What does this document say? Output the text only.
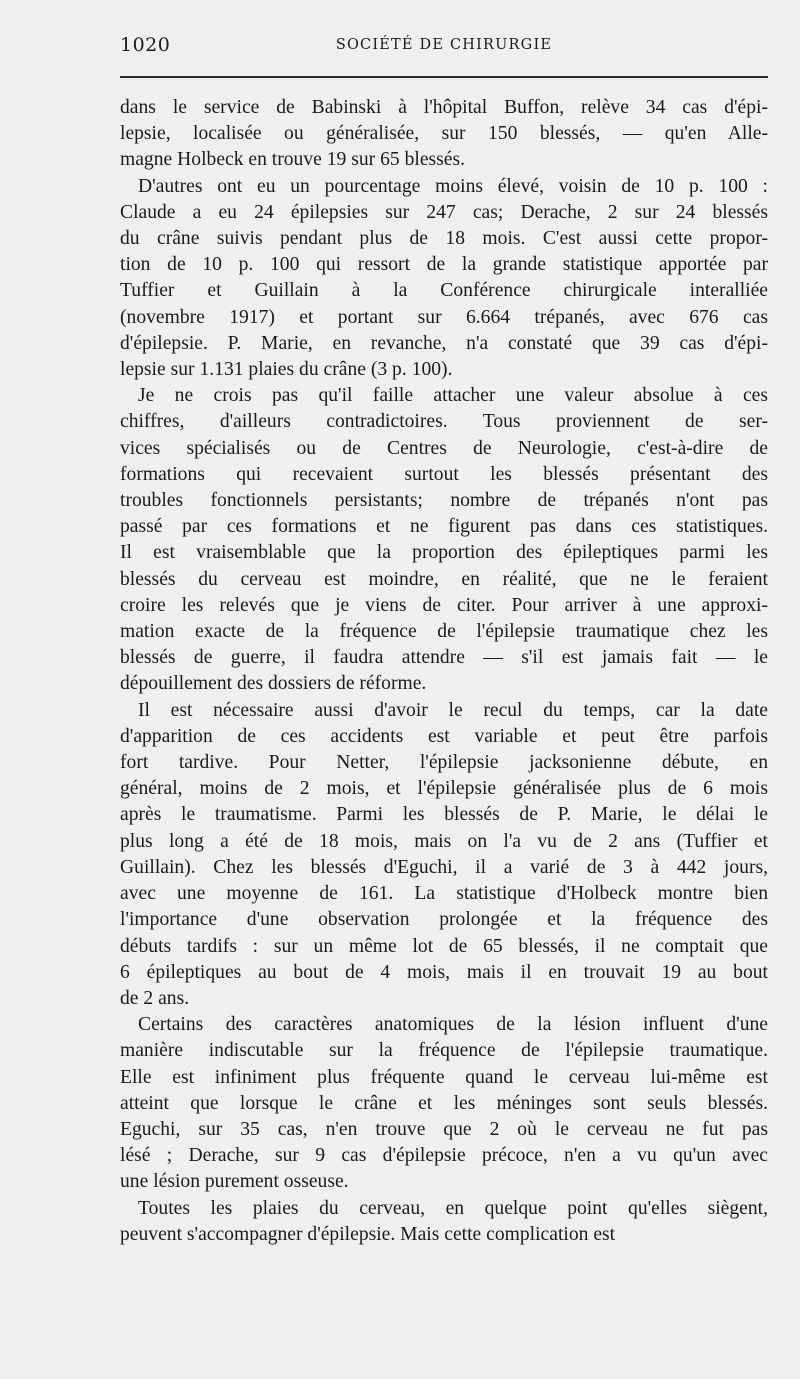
1020	SOCIÉTÉ DE CHIRURGIE

dans le service de Babinski à l'hôpital Buffon, relève 34 cas d'épi-
lepsie, localisée ou généralisée, sur 150 blessés, — qu'en Alle-
magne Holbeck en trouve 19 sur 65 blessés.

D'autres ont eu un pourcentage moins élevé, voisin de 10 p. 100 :
Claude a eu 24 épilepsies sur 247 cas; Derache, 2 sur 24 blessés
du crâne suivis pendant plus de 18 mois. C'est aussi cette propor-
tion de 10 p. 100 qui ressort de la grande statistique apportée par
Tuffier et Guillain à la Conférence chirurgicale interalliée
(novembre 1917) et portant sur 6.664 trépanés, avec 676 cas
d'épilepsie. P. Marie, en revanche, n'a constaté que 39 cas d'épi-
lepsie sur 1.131 plaies du crâne (3 p. 100).

Je ne crois pas qu'il faille attacher une valeur absolue à ces
chiffres, d'ailleurs contradictoires. Tous proviennent de ser-
vices spécialisés ou de Centres de Neurologie, c'est-à-dire de
formations qui recevaient surtout les blessés présentant des
troubles fonctionnels persistants; nombre de trépanés n'ont pas
passé par ces formations et ne figurent pas dans ces statistiques.
Il est vraisemblable que la proportion des épileptiques parmi les
blessés du cerveau est moindre, en réalité, que ne le feraient
croire les relevés que je viens de citer. Pour arriver à une approxi-
mation exacte de la fréquence de l'épilepsie traumatique chez les
blessés de guerre, il faudra attendre — s'il est jamais fait — le
dépouillement des dossiers de réforme.

Il est nécessaire aussi d'avoir le recul du temps, car la date
d'apparition de ces accidents est variable et peut être parfois
fort tardive. Pour Netter, l'épilepsie jacksonienne débute, en
général, moins de 2 mois, et l'épilepsie généralisée plus de 6 mois
après le traumatisme. Parmi les blessés de P. Marie, le délai le
plus long a été de 18 mois, mais on l'a vu de 2 ans (Tuffier et
Guillain). Chez les blessés d'Eguchi, il a varié de 3 à 442 jours,
avec une moyenne de 161. La statistique d'Holbeck montre bien
l'importance d'une observation prolongée et la fréquence des
débuts tardifs : sur un même lot de 65 blessés, il ne comptait que
6 épileptiques au bout de 4 mois, mais il en trouvait 19 au bout
de 2 ans.

Certains des caractères anatomiques de la lésion influent d'une
manière indiscutable sur la fréquence de l'épilepsie traumatique.
Elle est infiniment plus fréquente quand le cerveau lui-même est
atteint que lorsque le crâne et les méninges sont seuls blessés.
Eguchi, sur 35 cas, n'en trouve que 2 où le cerveau ne fut pas
lésé ; Derache, sur 9 cas d'épilepsie précoce, n'en a vu qu'un avec
une lésion purement osseuse.

Toutes les plaies du cerveau, en quelque point qu'elles siègent,
peuvent s'accompagner d'épilepsie. Mais cette complication est
